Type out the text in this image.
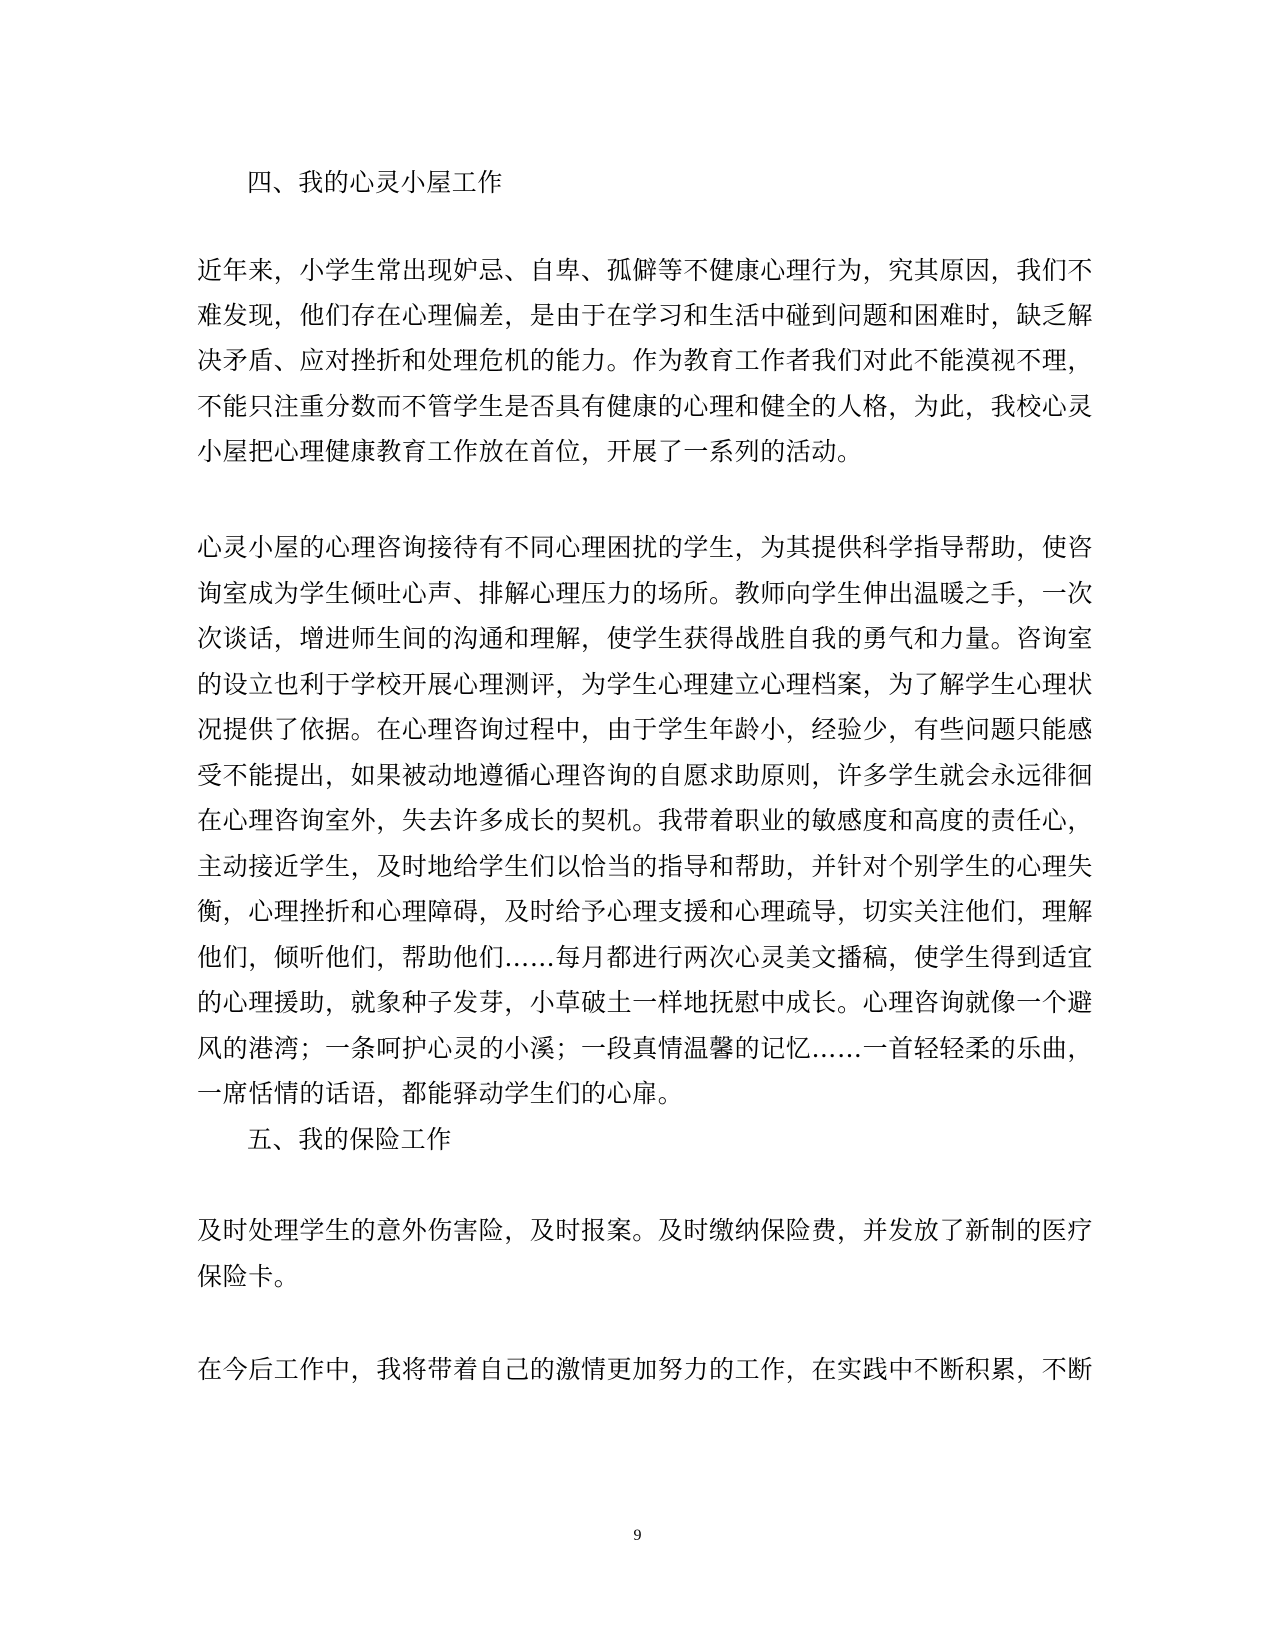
四、我的心灵小屋工作
近年来，小学生常出现妒忌、自卑、孤僻等不健康心理行为，究其原因，我们不
难发现，他们存在心理偏差，是由于在学习和生活中碰到问题和困难时，缺乏解
决矛盾、应对挫折和处理危机的能力。作为教育工作者我们对此不能漠视不理，
不能只注重分数而不管学生是否具有健康的心理和健全的人格，为此，我校心灵
小屋把心理健康教育工作放在首位，开展了一系列的活动。
心灵小屋的心理咨询接待有不同心理困扰的学生，为其提供科学指导帮助，使咨
询室成为学生倾吐心声、排解心理压力的场所。教师向学生伸出温暖之手，一次
次谈话，增进师生间的沟通和理解，使学生获得战胜自我的勇气和力量。咨询室
的设立也利于学校开展心理测评，为学生心理建立心理档案，为了解学生心理状
况提供了依据。在心理咨询过程中，由于学生年龄小，经验少，有些问题只能感
受不能提出，如果被动地遵循心理咨询的自愿求助原则，许多学生就会永远徘徊
在心理咨询室外，失去许多成长的契机。我带着职业的敏感度和高度的责任心，
主动接近学生，及时地给学生们以恰当的指导和帮助，并针对个别学生的心理失
衡，心理挫折和心理障碍，及时给予心理支援和心理疏导，切实关注他们，理解
他们，倾听他们，帮助他们……每月都进行两次心灵美文播稿，使学生得到适宜
的心理援助，就象种子发芽，小草破土一样地抚慰中成长。心理咨询就像一个避
风的港湾；一条呵护心灵的小溪；一段真情温馨的记忆……一首轻轻柔的乐曲，
一席恬情的话语，都能驿动学生们的心扉。
五、我的保险工作
及时处理学生的意外伤害险，及时报案。及时缴纳保险费，并发放了新制的医疗
保险卡。
在今后工作中，我将带着自己的激情更加努力的工作，在实践中不断积累，不断
9
